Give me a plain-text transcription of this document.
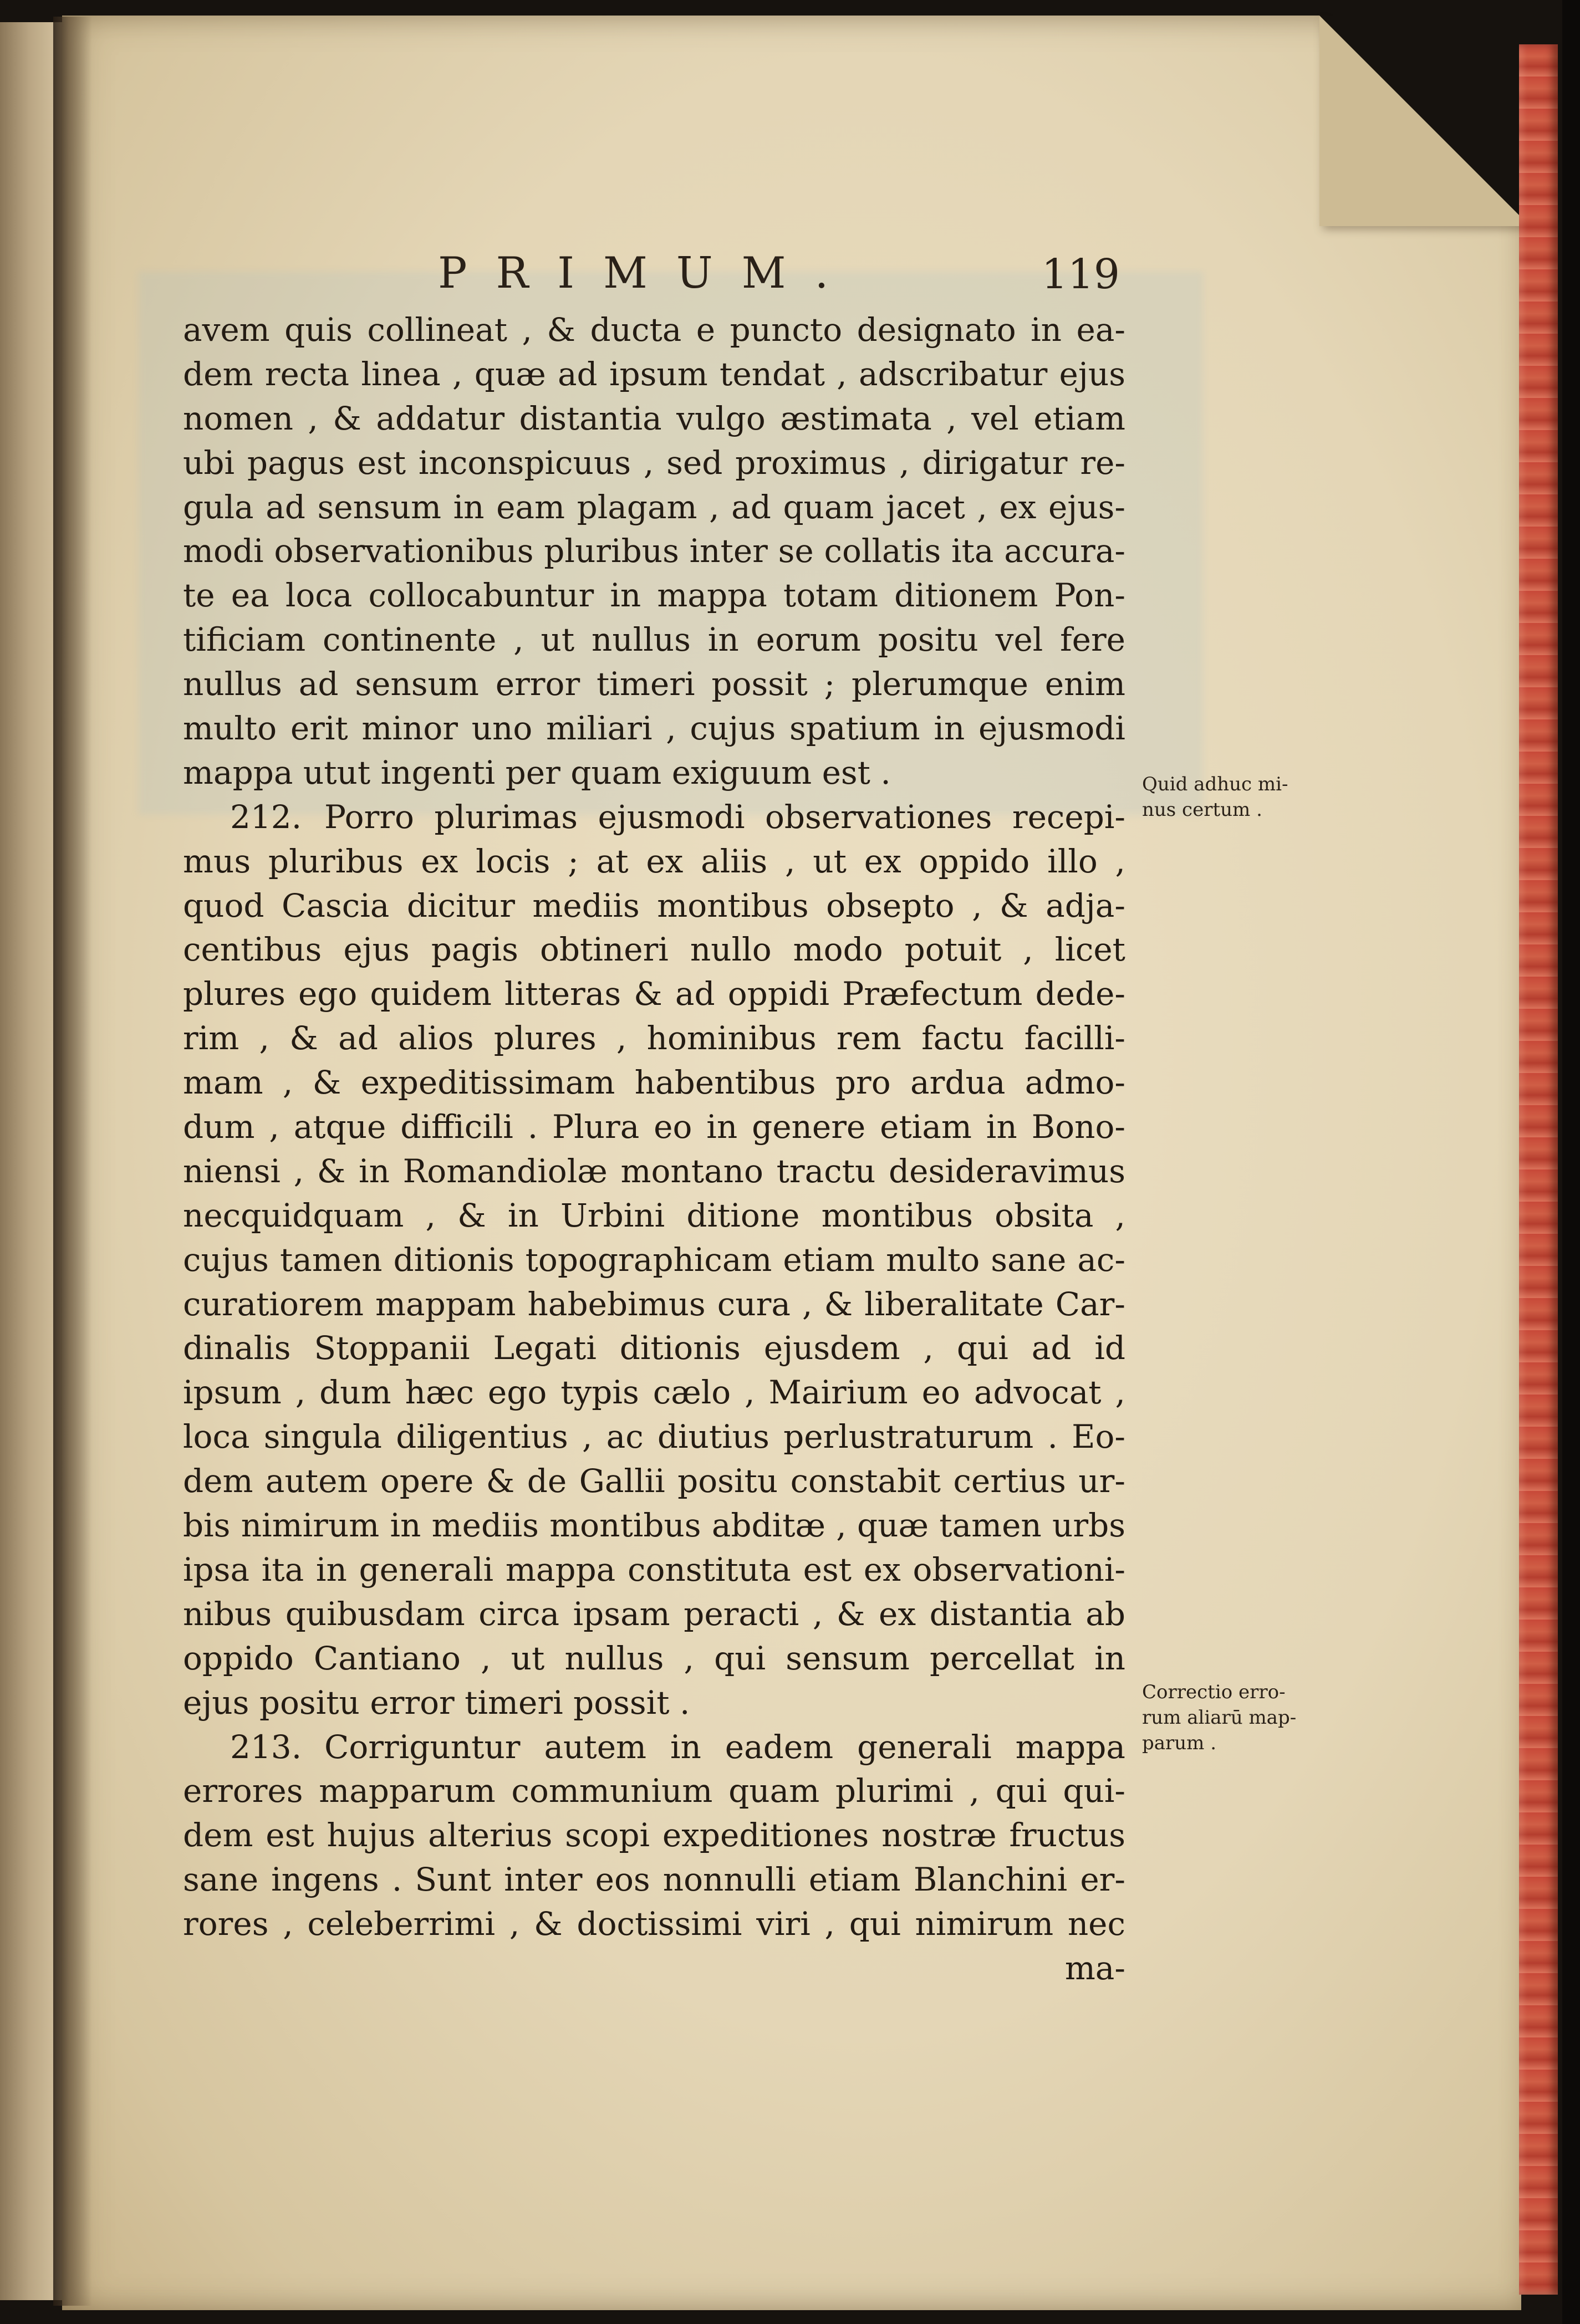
PRIMUM.	119
avem quis collineat , & ducta e puncto designato in ea-
dem recta linea , quæ ad ipsum tendat , adscribatur ejus
nomen , & addatur distantia vulgo æstimata , vel etiam
ubi pagus est inconspicuus , sed proximus , dirigatur re-
gula ad sensum in eam plagam , ad quam jacet , ex ejus-
modi observationibus pluribus inter se collatis ita accura-
te ea loca collocabuntur in mappa totam ditionem Pon-
tificiam continente , ut nullus in eorum positu vel fere
nullus ad sensum error timeri possit ; plerumque enim
multo erit minor uno miliari , cujus spatium in ejusmodi
mappa utut ingenti per quam exiguum est .
212. Porro plurimas ejusmodi observationes recepi-
mus pluribus ex locis ; at ex aliis , ut ex oppido illo ,
quod Cascia dicitur mediis montibus obsepto , & adja-
centibus ejus pagis obtineri nullo modo potuit , licet
plures ego quidem litteras & ad oppidi Præfectum dede-
rim , & ad alios plures , hominibus rem factu facilli-
mam , & expeditissimam habentibus pro ardua admo-
dum , atque difficili . Plura eo in genere etiam in Bono-
niensi , & in Romandiolæ montano tractu desideravimus
necquidquam , & in Urbini ditione montibus obsita ,
cujus tamen ditionis topographicam etiam multo sane ac-
curatiorem mappam habebimus cura , & liberalitate Car-
dinalis Stoppanii Legati ditionis ejusdem , qui ad id
ipsum , dum hæc ego typis cælo , Mairium eo advocat ,
loca singula diligentius , ac diutius perlustraturum . Eo-
dem autem opere & de Gallii positu constabit certius ur-
bis nimirum in mediis montibus abditæ , quæ tamen urbs
ipsa ita in generali mappa constituta est ex observationi-
nibus quibusdam circa ipsam peracti , & ex distantia ab
oppido Cantiano , ut nullus , qui sensum percellat in
ejus positu error timeri possit .
213. Corriguntur autem in eadem generali mappa
errores mapparum communium quam plurimi , qui qui-
dem est hujus alterius scopi expeditiones nostræ fructus
sane ingens . Sunt inter eos nonnulli etiam Blanchini er-
rores , celeberrimi , & doctissimi viri , qui nimirum nec
ma-
Quid adhuc mi-
nus certum .
Correctio erro-
rum aliarū map-
parum .
